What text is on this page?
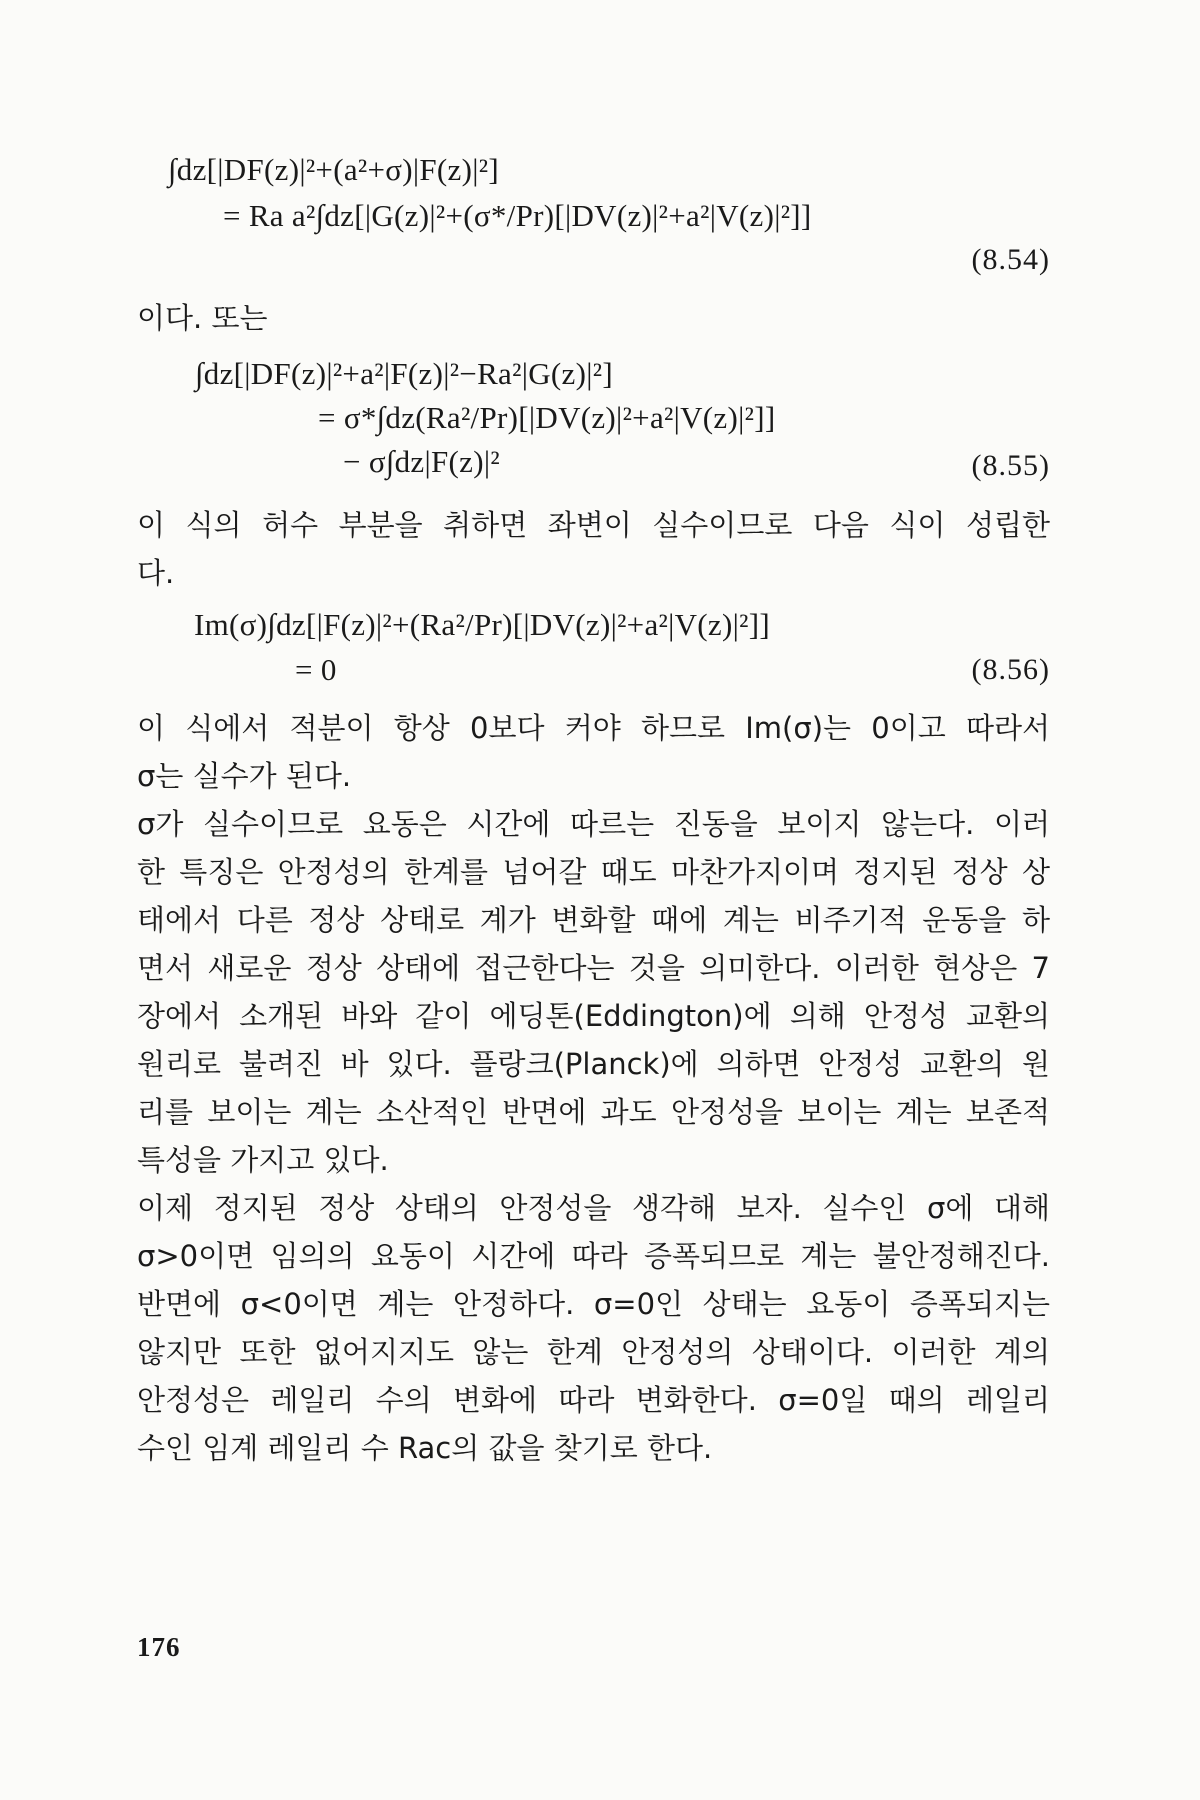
∫dz[|DF(z)|²+(a²+σ)|F(z)|²]
= Ra a²∫dz[|G(z)|²+(σ*/Pr)[|DV(z)|²+a²|V(z)|²]]
(8.54)
이다. 또는
∫dz[|DF(z)|²+a²|F(z)|²−Ra²|G(z)|²]
= σ*∫dz(Ra²/Pr)[|DV(z)|²+a²|V(z)|²]]
− σ∫dz|F(z)|²	(8.55)
이 식의 허수 부분을 취하면 좌변이 실수이므로 다음 식이 성립한
다.
Im(σ)∫dz[|F(z)|²+(Ra²/Pr)[|DV(z)|²+a²|V(z)|²]]
= 0	(8.56)
이 식에서 적분이 항상 0보다 커야 하므로 Im(σ)는 0이고 따라서
σ는 실수가 된다.
σ가 실수이므로 요동은 시간에 따르는 진동을 보이지 않는다. 이러
한 특징은 안정성의 한계를 넘어갈 때도 마찬가지이며 정지된 정상 상
태에서 다른 정상 상태로 계가 변화할 때에 계는 비주기적 운동을 하
면서 새로운 정상 상태에 접근한다는 것을 의미한다. 이러한 현상은 7
장에서 소개된 바와 같이 에딩톤(Eddington)에 의해 안정성 교환의
원리로 불려진 바 있다. 플랑크(Planck)에 의하면 안정성 교환의 원
리를 보이는 계는 소산적인 반면에 과도 안정성을 보이는 계는 보존적
특성을 가지고 있다.
이제 정지된 정상 상태의 안정성을 생각해 보자. 실수인 σ에 대해
σ>0이면 임의의 요동이 시간에 따라 증폭되므로 계는 불안정해진다.
반면에 σ<0이면 계는 안정하다. σ=0인 상태는 요동이 증폭되지는
않지만 또한 없어지지도 않는 한계 안정성의 상태이다. 이러한 계의
안정성은 레일리 수의 변화에 따라 변화한다. σ=0일 때의 레일리
수인 임계 레일리 수 Raᴄ의 값을 찾기로 한다.
176
